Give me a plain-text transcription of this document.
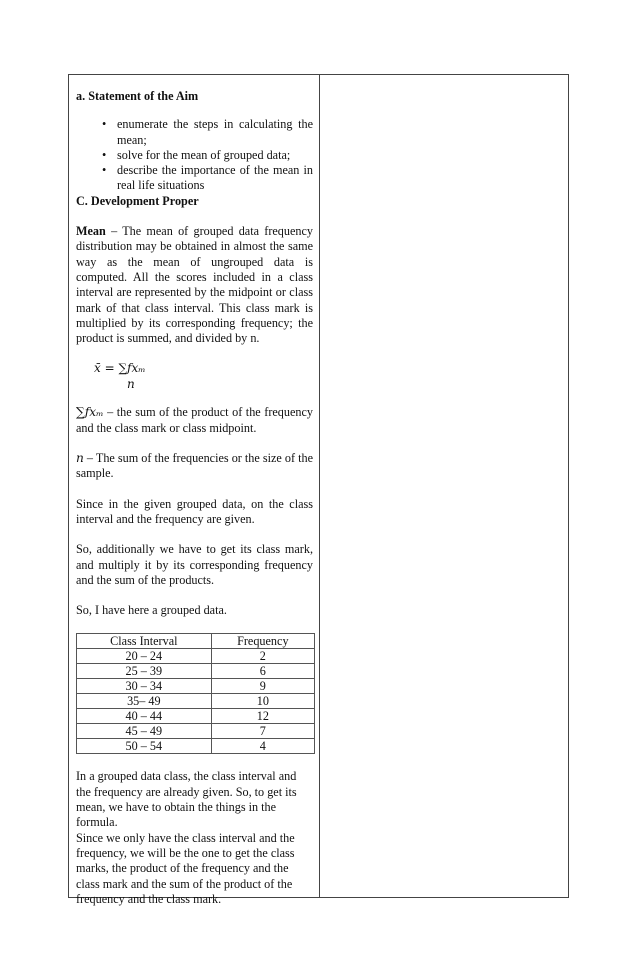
a. Statement of the Aim
• enumerate the steps in calculating the mean;
• solve for the mean of grouped data;
• describe the importance of the mean in real life situations
C. Development Proper

Mean – The mean of grouped data frequency distribution may be obtained in almost the same way as the mean of ungrouped data is computed. All the scores included in a class interval are represented by the midpoint or class mark of that class interval. This class mark is multiplied by its corresponding frequency; the product is summed, and divided by n.

x̄ = ∑ƒxₘ
n

∑ƒxₘ – the sum of the product of the frequency and the class mark or class midpoint.

n – The sum of the frequencies or the size of the sample.

Since in the given grouped data, on the class interval and the frequency are given.

So, additionally we have to get its class mark, and multiply it by its corresponding frequency and the sum of the products.

So, I have here a grouped data.

Class Interval	Frequency
20 – 24	2
25 – 39	6
30 – 34	9
35– 49	10
40 – 44	12
45 – 49	7
50 – 54	4

In a grouped data class, the class interval and the frequency are already given. So, to get its mean, we have to obtain the things in the formula.

Since we only have the class interval and the frequency, we will be the one to get the class marks, the product of the frequency and the class mark and the sum of the product of the frequency and the class mark.
